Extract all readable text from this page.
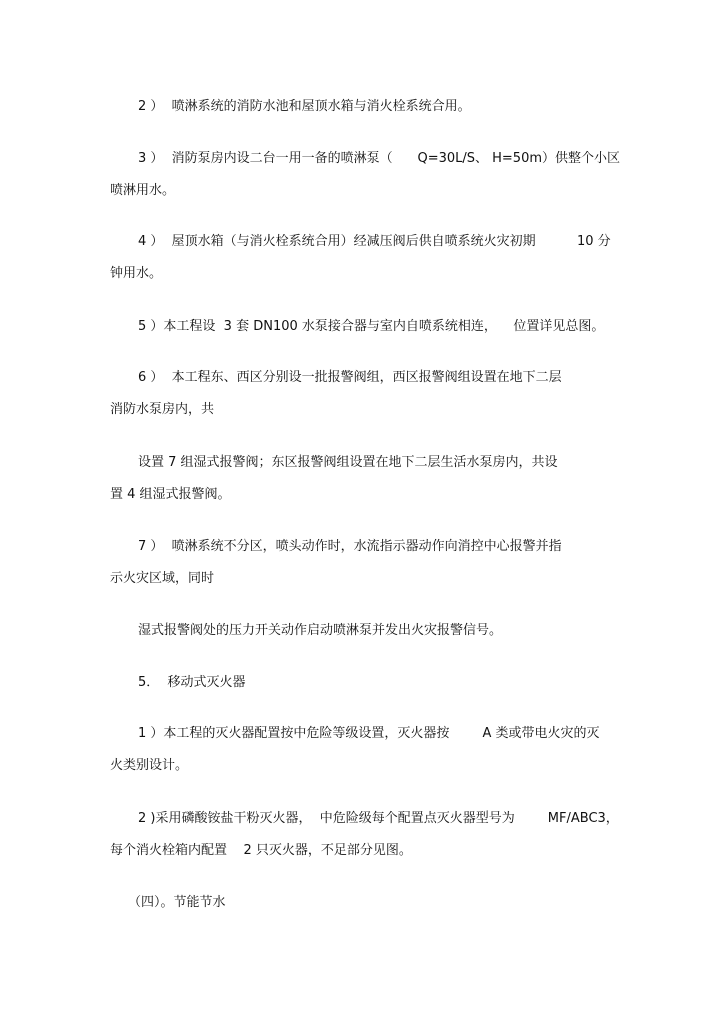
2 ）  喷淋系统的消防水池和屋顶水箱与消火栓系统合用。
3 ）  消防泵房内设二台一用一备的喷淋泵（      Q=30L/S、 H=50m）供整个小区
喷淋用水。
4 ）  屋顶水箱（与消火栓系统合用）经减压阀后供自喷系统火灾初期          10 分
钟用水。
5 ）本工程设  3 套 DN100 水泵接合器与室内自喷系统相连，    位置详见总图。
6 ）  本工程东、西区分别设一批报警阀组，西区报警阀组设置在地下二层
消防水泵房内，共
设置 7 组湿式报警阀；东区报警阀组设置在地下二层生活水泵房内，共设
置 4 组湿式报警阀。
7 ）  喷淋系统不分区，喷头动作时，水流指示器动作向消控中心报警并指
示火灾区域，同时
湿式报警阀处的压力开关动作启动喷淋泵并发出火灾报警信号。
5．  移动式灭火器
1 ）本工程的灭火器配置按中危险等级设置，灭火器按        A 类或带电火灾的灭
火类别设计。
2 )采用磷酸铵盐干粉灭火器，  中危险级每个配置点灭火器型号为        MF/ABC3，
每个消火栓箱内配置    2 只灭火器，不足部分见图。
（四）。节能节水
